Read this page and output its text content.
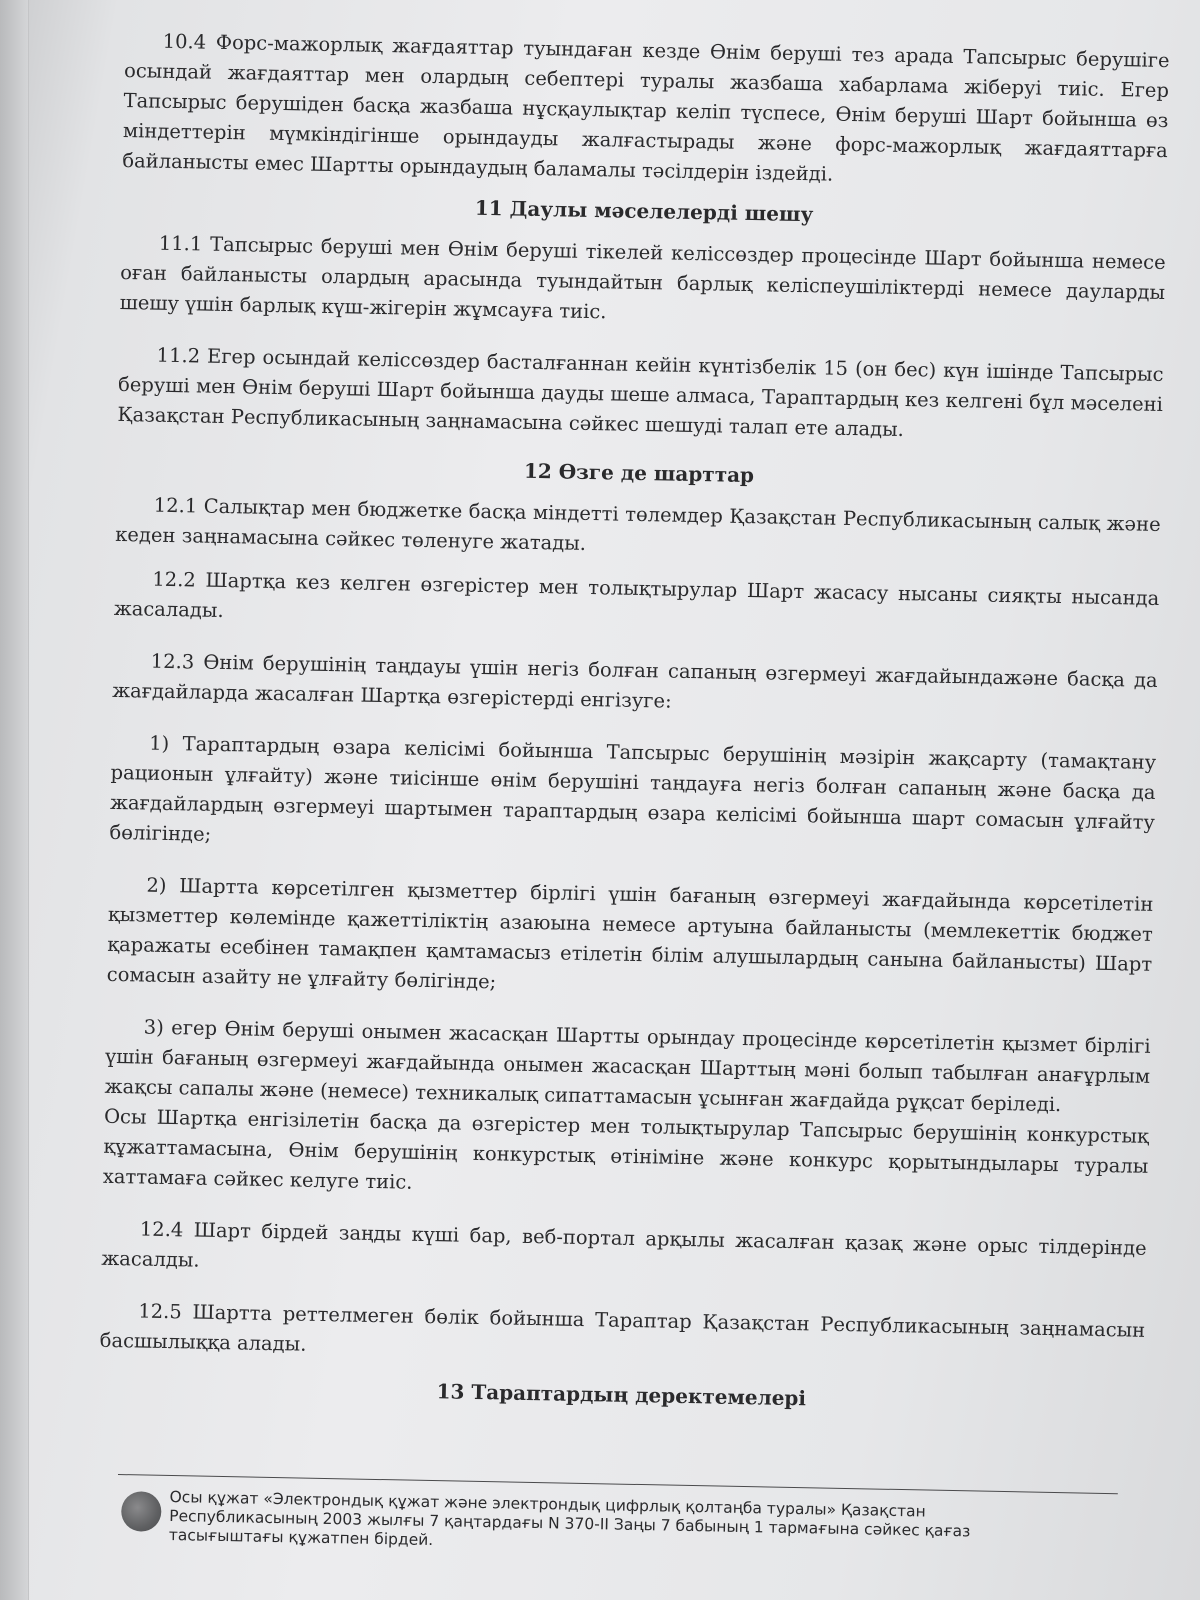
10.4 Форс-мажорлық жағдаяттар туындаған кезде Өнім беруші тез арада Тапсырыс берушіге осындай жағдаяттар мен олардың себептері туралы жазбаша хабарлама жіберуі тиіс. Егер Тапсырыс берушіден басқа жазбаша нұсқаулықтар келіп түспесе, Өнім беруші Шарт бойынша өз міндеттерін мүмкіндігінше орындауды жалғастырады және форс-мажорлық жағдаяттарға байланысты емес Шартты орындаудың баламалы тәсілдерін іздейді.

11 Даулы мәселелерді шешу

11.1 Тапсырыс беруші мен Өнім беруші тікелей келіссөздер процесінде Шарт бойынша немесе оған байланысты олардың арасында туындайтын барлық келіспеушіліктерді немесе дауларды шешу үшін барлық күш-жігерін жұмсауға тиіс.

11.2 Егер осындай келіссөздер басталғаннан кейін күнтізбелік 15 (он бес) күн ішінде Тапсырыс беруші мен Өнім беруші Шарт бойынша дауды шеше алмаса, Тараптардың кез келгені бұл мәселені Қазақстан Республикасының заңнамасына сәйкес шешуді талап ете алады.

12 Өзге де шарттар

12.1 Салықтар мен бюджетке басқа міндетті төлемдер Қазақстан Республикасының салық және кеден заңнамасына сәйкес төленуге жатады.

12.2 Шартқа кез келген өзгерістер мен толықтырулар Шарт жасасу нысаны сияқты нысанда жасалады.

12.3 Өнім берушінің таңдауы үшін негіз болған сапаның өзгермеуі жағдайындажәне басқа да жағдайларда жасалған Шартқа өзгерістерді енгізуге:

1) Тараптардың өзара келісімі бойынша Тапсырыс берушінің мәзірін жақсарту (тамақтану рационын ұлғайту) және тиісінше өнім берушіні таңдауға негіз болған сапаның және басқа да жағдайлардың өзгермеуі шартымен тараптардың өзара келісімі бойынша шарт сомасын ұлғайту бөлігінде;

2) Шартта көрсетілген қызметтер бірлігі үшін бағаның өзгермеуі жағдайында көрсетілетін қызметтер көлемінде қажеттіліктің азаюына немесе артуына байланысты (мемлекеттік бюджет қаражаты есебінен тамақпен қамтамасыз етілетін білім алушылардың санына байланысты) Шарт сомасын азайту не ұлғайту бөлігінде;

3) егер Өнім беруші онымен жасасқан Шартты орындау процесінде көрсетілетін қызмет бірлігі үшін бағаның өзгермеуі жағдайында онымен жасасқан Шарттың мәні болып табылған анағұрлым жақсы сапалы және (немесе) техникалық сипаттамасын ұсынған жағдайда рұқсат беріледі.

Осы Шартқа енгізілетін басқа да өзгерістер мен толықтырулар Тапсырыс берушінің конкурстық құжаттамасына, Өнім берушінің конкурстық өтініміне және конкурс қорытындылары туралы хаттамаға сәйкес келуге тиіс.

12.4 Шарт бірдей заңды күші бар, веб-портал арқылы жасалған қазақ және орыс тілдерінде жасалды.

12.5 Шартта реттелмеген бөлік бойынша Тараптар Қазақстан Республикасының заңнамасын басшылыққа алады.

13 Тараптардың деректемелері
Осы құжат «Электрондық құжат және электрондық цифрлық қолтаңба туралы» Қазақстан Республикасының 2003 жылғы 7 қаңтардағы N 370-II Заңы 7 бабының 1 тармағына сәйкес қағаз тасығыштағы құжатпен бірдей.
